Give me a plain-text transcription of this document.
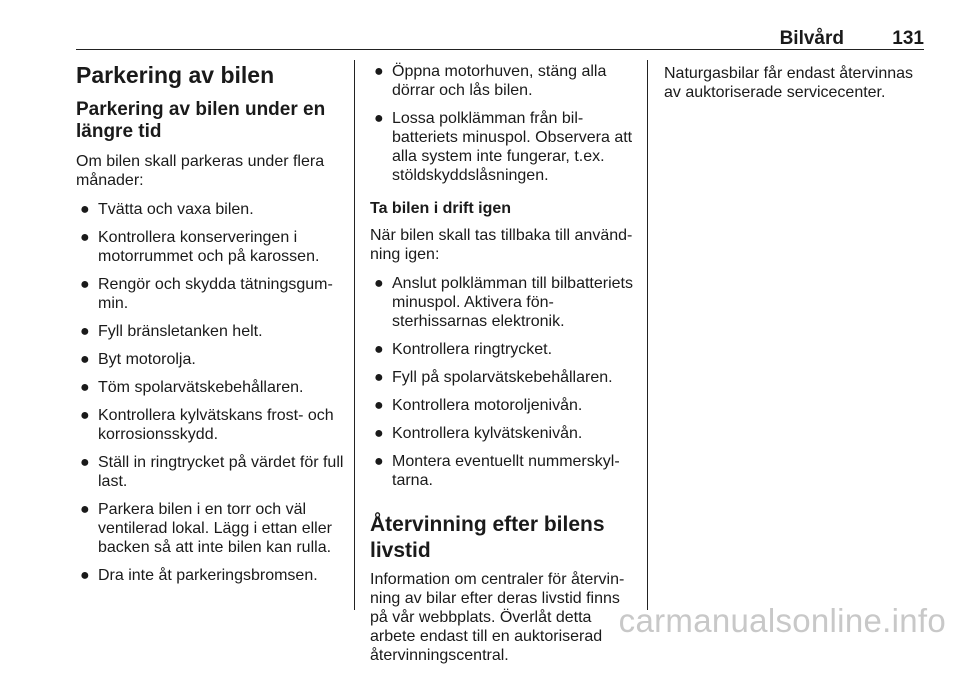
Bilvård	131
Parkering av bilen
Parkering av bilen under en längre tid

Om bilen skall parkeras under flera månader:

● Tvätta och vaxa bilen.
● Kontrollera konserveringen i motorrummet och på karossen.
● Rengör och skydda tätningsgummin.
● Fyll bränsletanken helt.
● Byt motorolja.
● Töm spolarvätskebehållaren.
● Kontrollera kylvätskans frost- och korrosionsskydd.
● Ställ in ringtrycket på värdet för full last.
● Parkera bilen i en torr och väl ventilerad lokal. Lägg i ettan eller backen så att inte bilen kan rulla.
● Dra inte åt parkeringsbromsen.
● Öppna motorhuven, stäng alla dörrar och lås bilen.
● Lossa polklämman från bilbatteriets minuspol. Observera att alla system inte fungerar, t.ex. stöldskyddslåsningen.
Ta bilen i drift igen

När bilen skall tas tillbaka till användning igen:

● Anslut polklämman till bilbatteriets minuspol. Aktivera fönsterhissarnas elektronik.
● Kontrollera ringtrycket.
● Fyll på spolarvätskebehållaren.
● Kontrollera motoroljenivån.
● Kontrollera kylvätskenivån.
● Montera eventuellt nummerskyltarna.
Återvinning efter bilens livstid

Information om centraler för återvinning av bilar efter deras livstid finns på vår webbplats. Överlåt detta arbete endast till en auktoriserad återvinningscentral.

Naturgasbilar får endast återvinnas av auktoriserade servicecenter.

carmanualsonline.info
